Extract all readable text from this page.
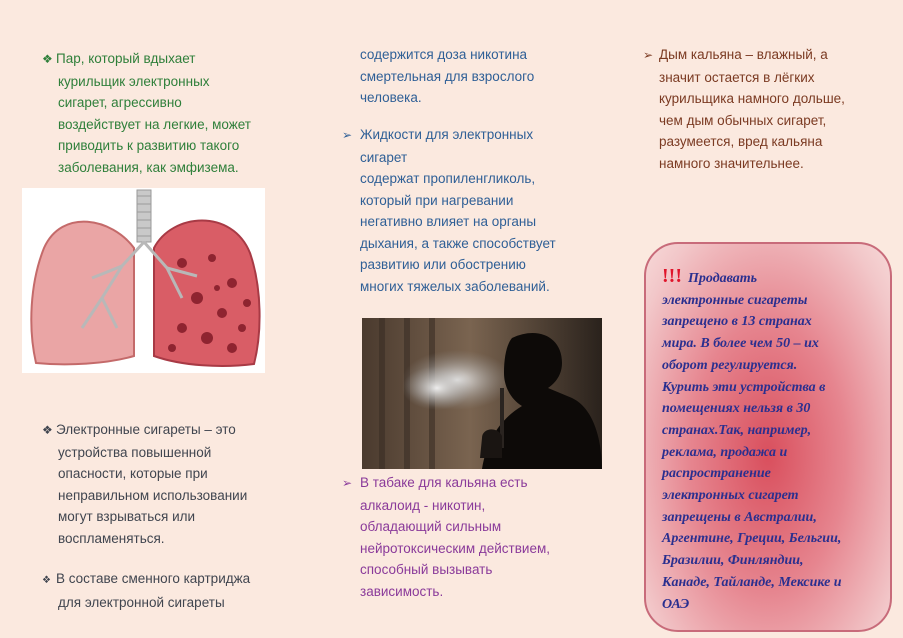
❖ Пар, который вдыхает
курильщик электронных
сигарет, агрессивно
воздействует на легкие, может
приводить к развитию такого
заболевания, как эмфизема.
❖ Электронные сигареты – это
устройства повышенной
опасности, которые при
неправильном использовании
могут взрываться или
воспламеняться.
❖ В составе сменного картриджа
для электронной сигареты
содержится доза никотина
смертельная для взрослого
человека.
➢ Жидкости для электронных
сигарет
содержат пропиленгликоль,
который при нагревании
негативно влияет на органы
дыхания, а также способствует
развитию или обострению
многих тяжелых заболеваний.
➢ В табаке для кальяна есть
алкалоид - никотин,
обладающий сильным
нейротоксическим действием,
способный вызывать
зависимость.
➢ Дым кальяна – влажный, а
значит остается в лёгких
курильщика намного дольше,
чем дым обычных сигарет,
разумеется, вред кальяна
намного значительнее.
!!! Продавать
электронные сигареты
запрещено в 13 странах
мира. В более чем 50 – их
оборот регулируется.
Курить эти устройства в
помещениях нельзя в 30
странах.Так, например,
реклама, продажа и
распространение
электронных сигарет
запрещены в Австралии,
Аргентине, Греции, Бельгии,
Бразилии, Финляндии,
Канаде, Тайланде, Мексике и
ОАЭ
